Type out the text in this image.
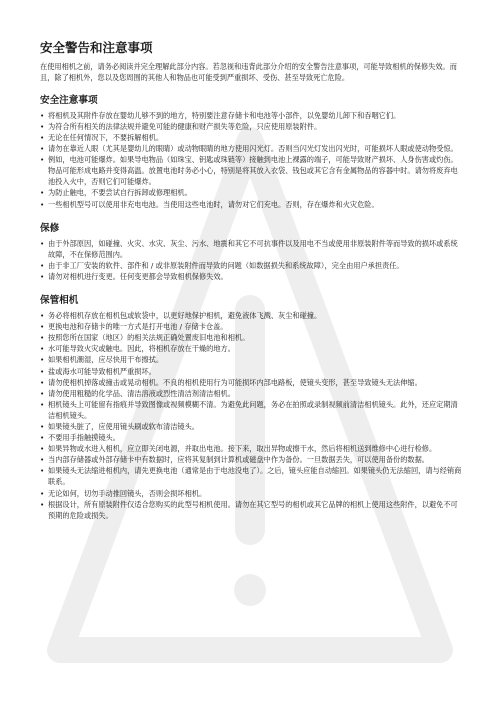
安全警告和注意事项

在使用相机之前，请务必阅读并完全理解此部分内容。若忽视和违背此部分介绍的安全警告注意事项，可能导致相机的保修失效。而且，除了相机外，您以及您周围的其他人和物品也可能受到严重损坏、受伤、甚至导致死亡危险。

安全注意事项
• 将相机及其附件存放在婴幼儿够不到的地方，特别要注意存储卡和电池等小部件，以免婴幼儿卸下和吞咽它们。
• 为符合所有相关的法律法规并避免可能的健康和财产损失等危险，只应使用原装附件。
• 无论在任何情况下，不要拆解相机。
• 请勿在靠近人眼（尤其是婴幼儿的眼睛）或动物眼睛的地方使用闪光灯。否则当闪光灯发出闪光时，可能损坏人眼或使动物受惊。
• 例如，电池可能爆炸。如果导电物品（如珠宝、钥匙或珠链等）接触到电池上裸露的端子，可能导致财产损坏、人身伤害或灼伤。物品可能形成电路并变得高温。放置电池时务必小心，特别是将其放入衣袋、钱包或其它含有金属物品的容器中时。请勿将废弃电池投入火中，否则它们可能爆炸。
• 为防止触电，不要尝试自行拆卸或修理相机。
• 一些相机型号可以使用非充电电池。当使用这些电池时，请勿对它们充电。否则，存在爆炸和火灾危险。
保修
• 由于外部原因，如碰撞、火灾、水灾、灰尘、污水、地震和其它不可抗事件以及用电不当或使用非原装附件等而导致的损坏或系统故障，不在保修范围内。
• 由于非工厂安装的软件、部件和 / 或非原装附件而导致的问题（如数据损失和系统故障），完全由用户承担责任。
• 请勿对相机进行变更。任何变更都会导致相机保修失效。
保管相机
• 务必将相机存放在相机包或软袋中，以更好地保护相机，避免液体飞溅、灰尘和碰撞。
• 更换电池和存储卡的唯一方式是打开电池 / 存储卡仓盖。
• 按照您所在国家（地区）的相关法规正确处置废旧电池和相机。
• 水可能导致火灾或触电。因此，将相机存放在干燥的地方。
• 如果相机潮湿，应尽快用干布擦拭。
• 盐或海水可能导致相机严重损坏。
• 请勿使相机掉落或撞击或晃动相机。不良的相机使用行为可能损坏内部电路板，使镜头变形，甚至导致镜头无法伸缩。
• 请勿使用粗糙的化学品、清洁溶液或烈性清洁剂清洁相机。
• 相机镜头上可能留有指痕并导致图像或视频模糊不清。为避免此问题，务必在拍照或录制视频前清洁相机镜头。此外，还应定期清洁相机镜头。
• 如果镜头脏了，应使用镜头刷或软布清洁镜头。
• 不要用手指触摸镜头。
• 如果异物或水进入相机，应立即关闭电源，并取出电池。接下来，取出异物或擦干水，然后将相机送到维修中心进行检修。
• 当内部存储器或外部存储卡中有数据时，应将其复制到计算机或磁盘中作为备份。一旦数据丢失，可以使用备份的数据。
• 如果镜头无法缩进相机内，请先更换电池（通常是由于电池没电了）。之后，镜头应能自动缩回。如果镜头仍无法缩回，请与经销商联系。
• 无论如何，切勿手动推回镜头，否则会损坏相机。
• 根据设计，所有原装附件仅适合您购买的此型号相机使用。请勿在其它型号的相机或其它品牌的相机上使用这些附件，以避免不可预期的危险或损失。
